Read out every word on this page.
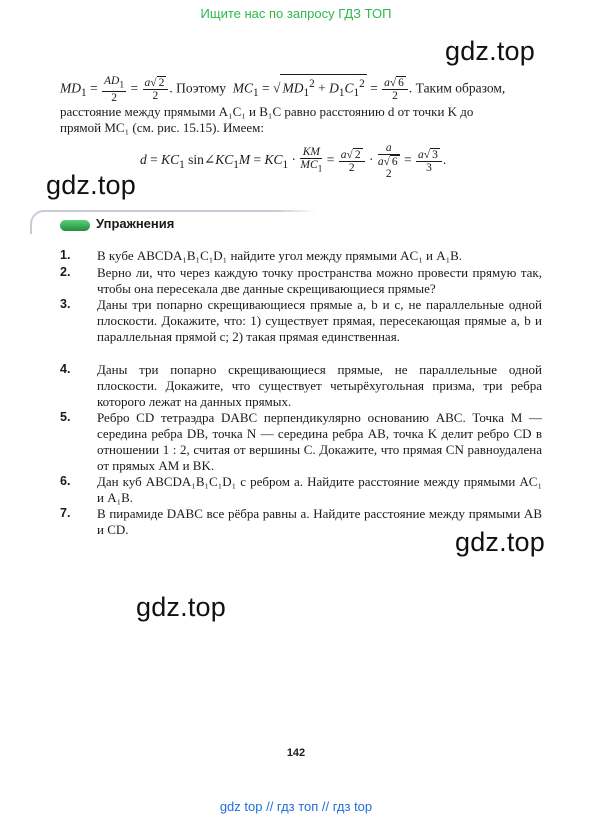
Ищите нас по запросу ГДЗ ТОП
gdz.top
gdz.top
gdz.top
gdz.top
$MD_1 = \frac{AD_1}{2} = \frac{a√ 2}{2}$ . Поэтому $MC_1$ = √ $MD_1^2 + D_1C_1^2 = \frac{a√ 6}{2}$ . Таким образом,
расстояние между прямыми A₁C₁ и B₁C равно расстоянию d от точки K до
прямой MC₁ (см. рис. 15.15). Имеем:
$d = KC_1$ $\sin\angle KC_1M = KC_1 \cdot \frac{KM}{MC_1} = \frac{a√ 2}{2}$ ·
a
a√ 6
2
= $\frac{a√ 3}{3}$ .
Упражнения
1.	В кубе ABCDA₁B₁C₁D₁ найдите угол между прямыми AC₁ и A₁B.
2.	Верно ли, что через каждую точку пространства можно провести прямую так, чтобы она пересекала две данные скрещивающиеся прямые?
3.	Даны три попарно скрещивающиеся прямые a, b и c, не параллельные одной плоскости. Докажите, что: 1) существует прямая, пересекающая прямые a, b и параллельная прямой c; 2) такая прямая единственная.
4.	Даны три попарно скрещивающиеся прямые, не параллельные одной плоскости. Докажите, что существует четырёхугольная призма, три ребра которого лежат на данных прямых.
5.	Ребро CD тетраэдра DABC перпендикулярно основанию ABC. Точка M — середина ребра DB, точка N — середина ребра AB, точка K делит ребро CD в отношении 1 : 2, считая от вершины C. Докажите, что прямая CN равноудалена от прямых AM и BK.
6.	Дан куб ABCDA₁B₁C₁D₁ с ребром a. Найдите расстояние между прямыми AC₁ и A₁B.
7.	В пирамиде DABC все рёбра равны a. Найдите расстояние между прямыми AB и CD.
142
gdz top // гдз топ // гдз top
